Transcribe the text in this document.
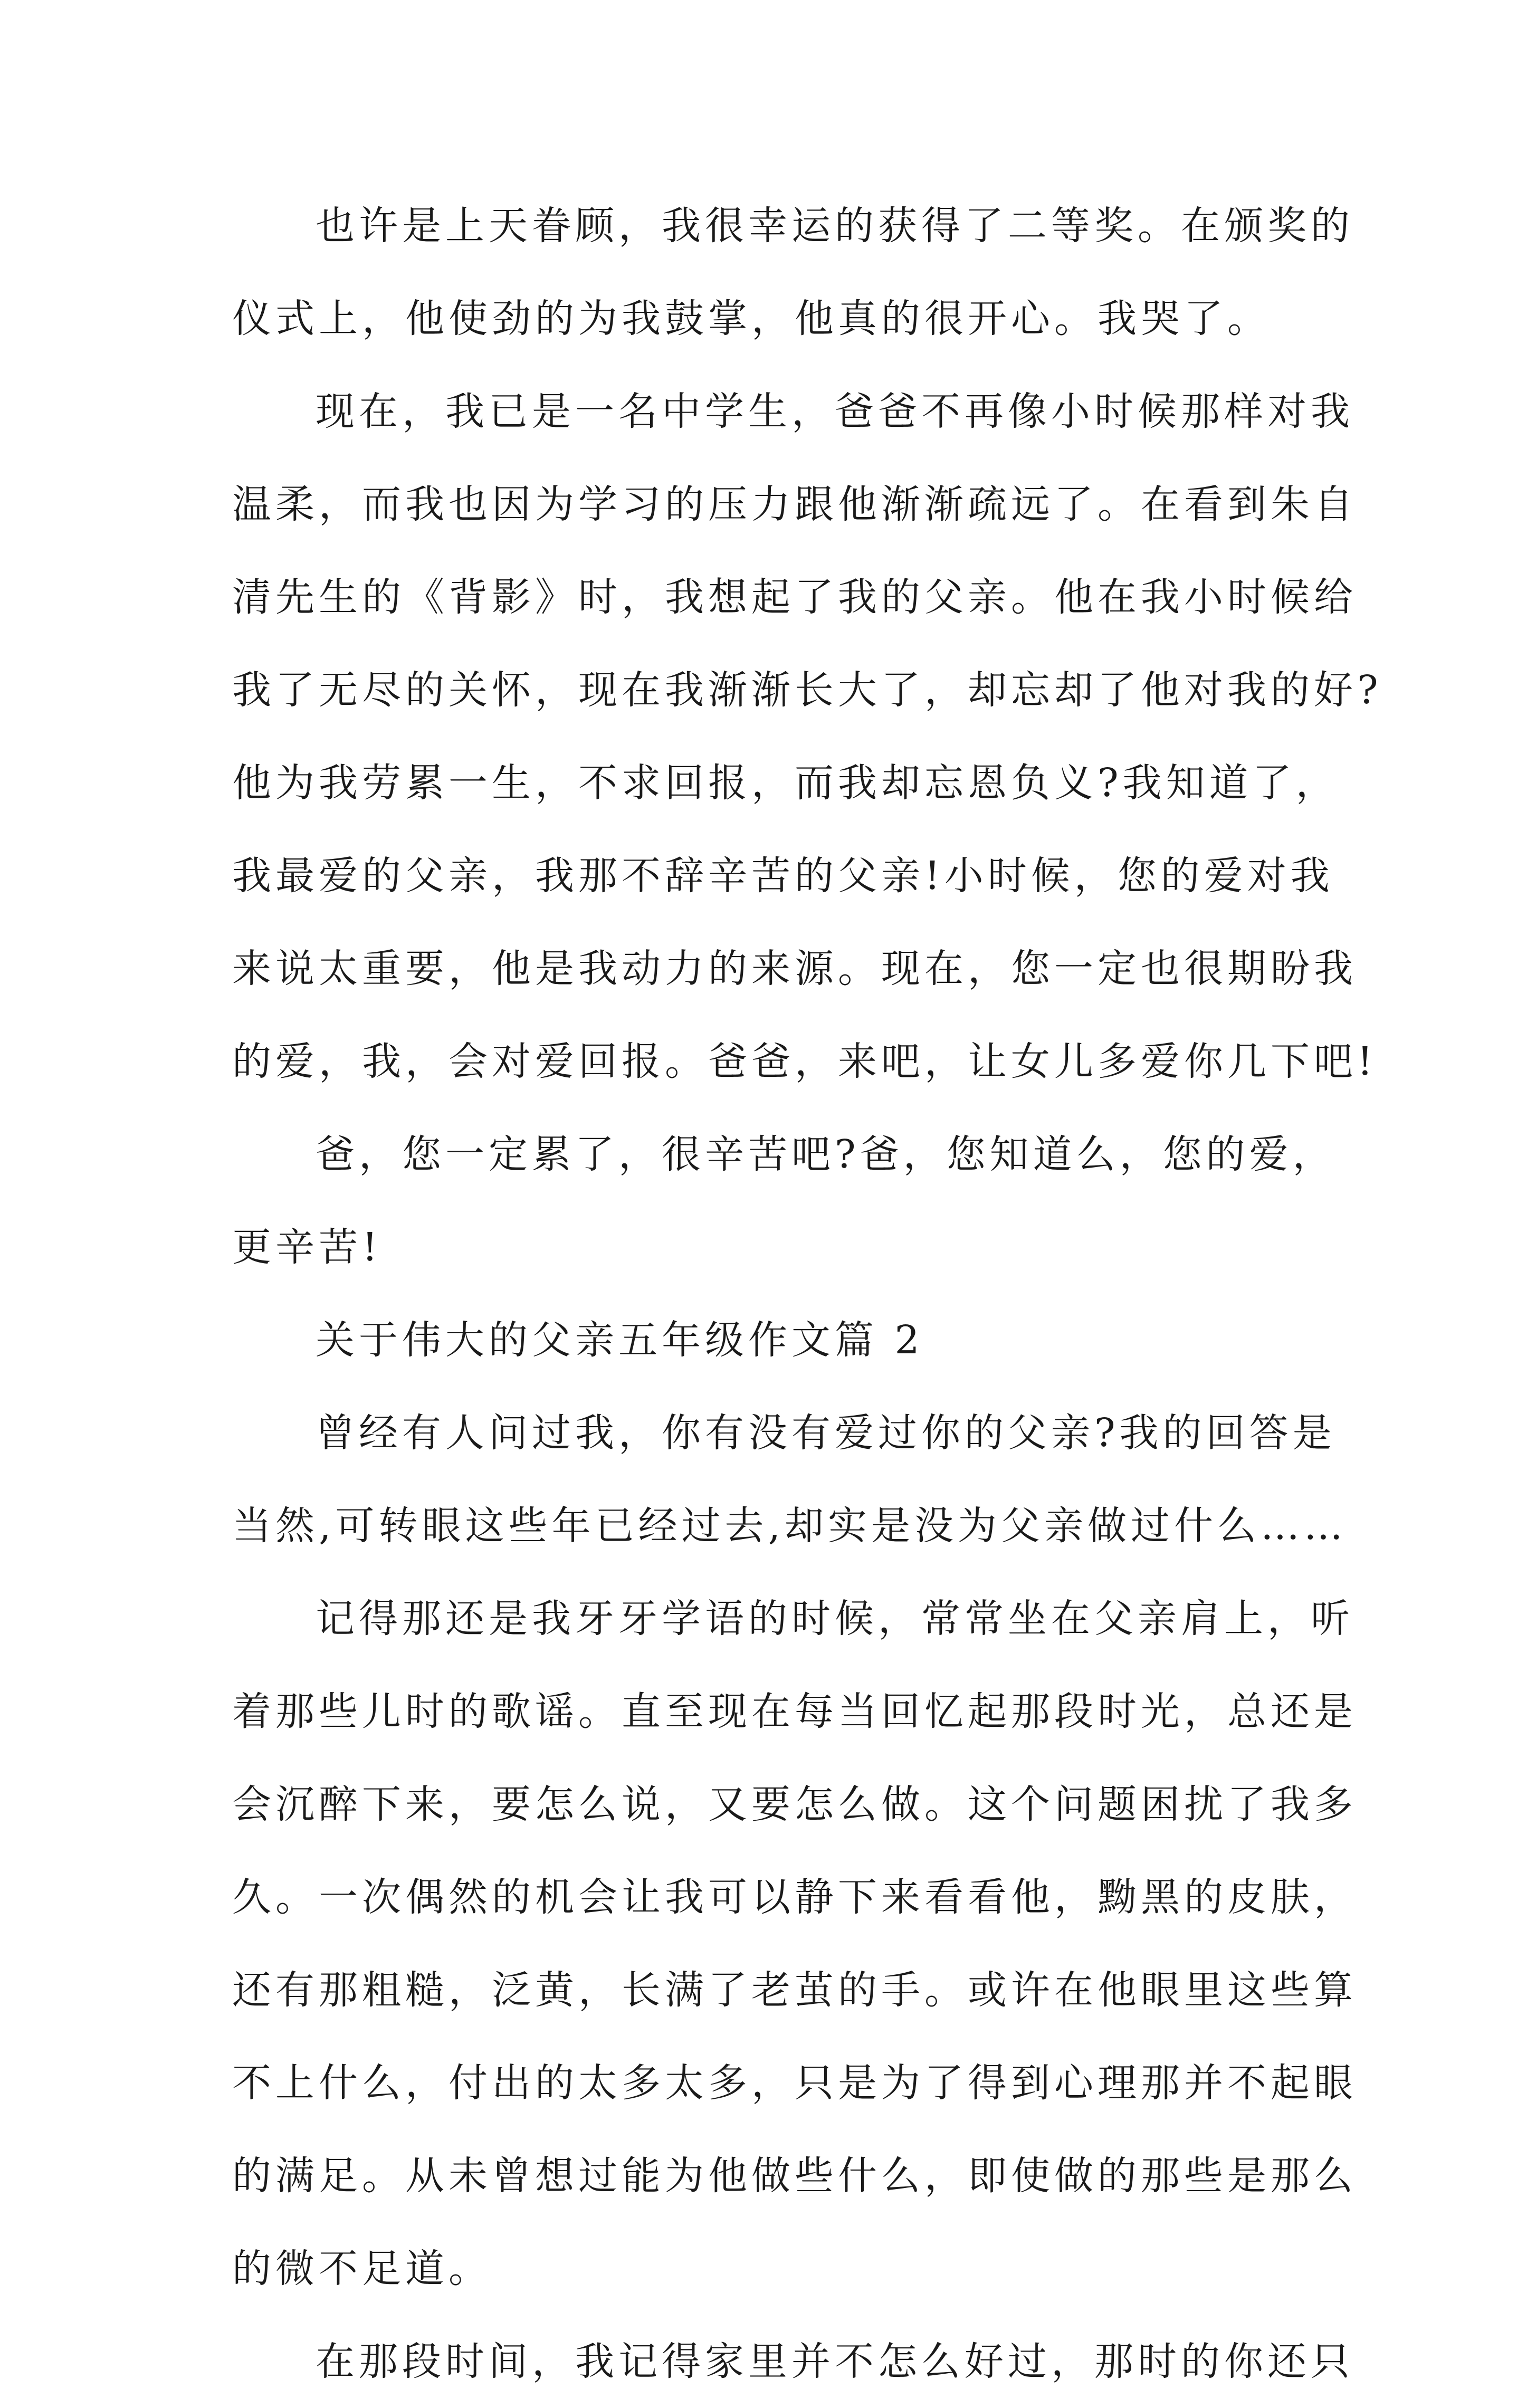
也许是上天眷顾，我很幸运的获得了二等奖。在颁奖的
仪式上，他使劲的为我鼓掌，他真的很开心。我哭了。
现在，我已是一名中学生，爸爸不再像小时候那样对我
温柔，而我也因为学习的压力跟他渐渐疏远了。在看到朱自
清先生的《背影》时，我想起了我的父亲。他在我小时候给
我了无尽的关怀，现在我渐渐长大了，却忘却了他对我的好?
他为我劳累一生，不求回报，而我却忘恩负义?我知道了，
我最爱的父亲，我那不辞辛苦的父亲!小时候，您的爱对我
来说太重要，他是我动力的来源。现在，您一定也很期盼我
的爱，我，会对爱回报。爸爸，来吧，让女儿多爱你几下吧!
爸，您一定累了，很辛苦吧?爸，您知道么，您的爱，
更辛苦!
关于伟大的父亲五年级作文篇 2
曾经有人问过我，你有没有爱过你的父亲?我的回答是
当然,可转眼这些年已经过去,却实是没为父亲做过什么……
记得那还是我牙牙学语的时候，常常坐在父亲肩上，听
着那些儿时的歌谣。直至现在每当回忆起那段时光，总还是
会沉醉下来，要怎么说，又要怎么做。这个问题困扰了我多
久。一次偶然的机会让我可以静下来看看他，黝黑的皮肤，
还有那粗糙，泛黄，长满了老茧的手。或许在他眼里这些算
不上什么，付出的太多太多，只是为了得到心理那并不起眼
的满足。从未曾想过能为他做些什么，即使做的那些是那么
的微不足道。
在那段时间，我记得家里并不怎么好过，那时的你还只
